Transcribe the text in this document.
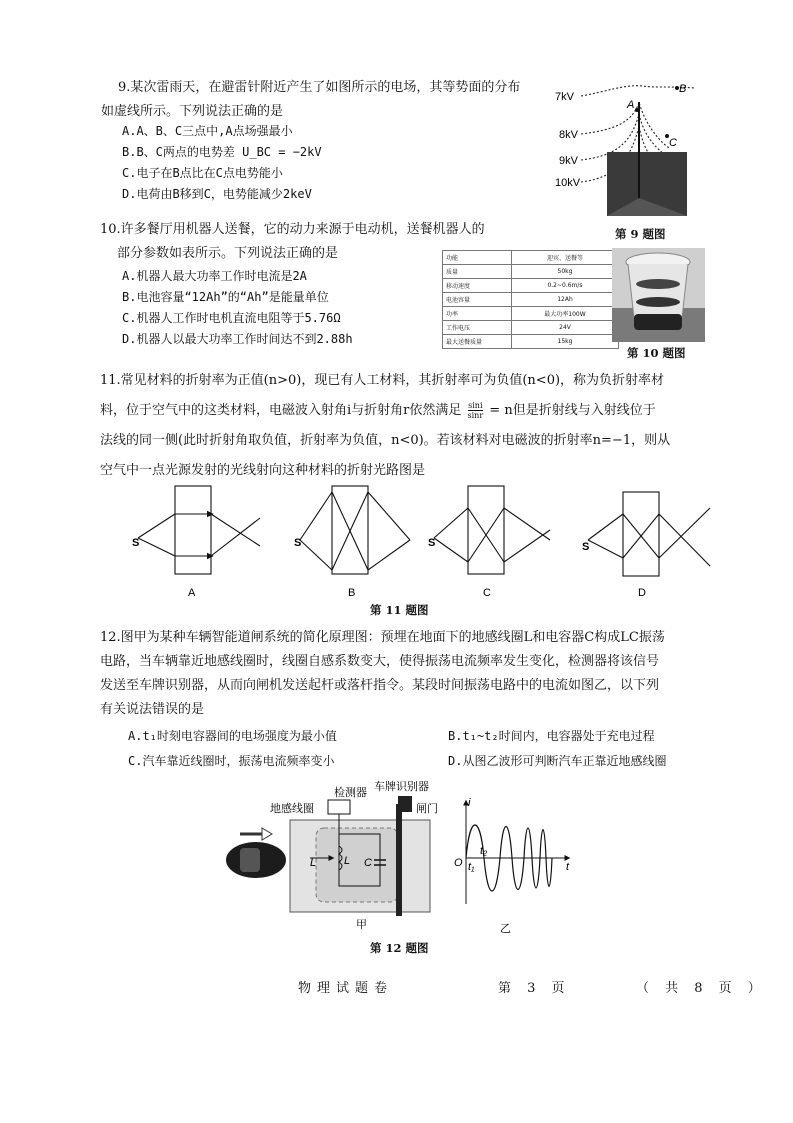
9.某次雷雨天，在避雷针附近产生了如图所示的电场，其等势面的分布
如虚线所示。下列说法正确的是
A.A、B、C三点中,A点场强最小
B.B、C两点的电势差 U_BC = −2kV
C.电子在B点比在C点电势能小
D.电荷由B移到C，电势能减少2keV
7kV
8kV
9kV
10kV
A
B
C
第 9 题图
10.许多餐厅用机器人送餐，它的动力来源于电动机，送餐机器人的
部分参数如表所示。下列说法正确的是
A.机器人最大功率工作时电流是2A
B.电池容量“12Ah”的“Ah”是能量单位
C.机器人工作时电机直流电阻等于5.76Ω
D.机器人以最大功率工作时间达不到2.88h
功能	迎宾、送餐等
质量	50kg
移动速度	0.2~0.6m/s
电池容量	12Ah
功率	最大功率100W
工作电压	24V
最大送餐质量	15kg
第 10 题图
11.常见材料的折射率为正值(n>0)，现已有人工材料，其折射率可为负值(n<0)，称为负折射率材
料，位于空气中的这类材料，电磁波入射角i与折射角r依然满足 $\frac{\sin i}{\sin r} = n$但是折射线与入射线位于
法线的同一侧(此时折射角取负值，折射率为负值，n<0)。若该材料对电磁波的折射率n=−1，则从
空气中一点光源发射的光线射向这种材料的折射光路图是
S
A
S
B
S
C
S
D
第 11 题图
12.图甲为某种车辆智能道闸系统的简化原理图：预埋在地面下的地感线圈L和电容器C构成LC振荡
电路，当车辆靠近地感线圈时，线圈自感系数变大，使得振荡电流频率发生变化，检测器将该信号
发送至车牌识别器，从而向闸机发送起杆或落杆指令。某段时间振荡电路中的电流如图乙，以下列
有关说法错误的是
A.t₁时刻电容器间的电场强度为最小值	B.t₁~t₂时间内，电容器处于充电过程
C.汽车靠近线圈时，振荡电流频率变小	D.从图乙波形可判断汽车正靠近地感线圈
检测器 车牌识别器
地感线圈	闸门
L	L C
甲
i
t
O t₁
t₂
乙
第 12 题图
物理试题卷	第 3 页	（ 共 8 页 ）
